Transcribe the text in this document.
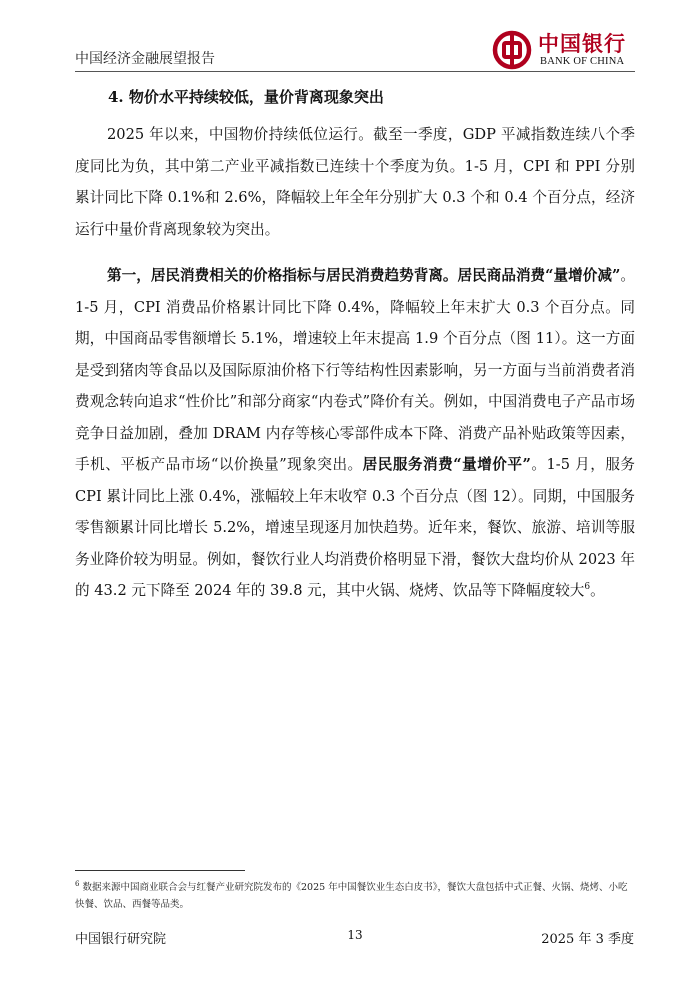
中国经济金融展望报告
中国银行
BANK OF CHINA
4. 物价水平持续较低，量价背离现象突出

2025 年以来，中国物价持续低位运行。截至一季度，GDP 平减指数连续八个季度同比为负，其中第二产业平减指数已连续十个季度为负。1-5 月，CPI 和 PPI 分别累计同比下降 0.1%和 2.6%，降幅较上年全年分别扩大 0.3 个和 0.4 个百分点，经济运行中量价背离现象较为突出。

第一，居民消费相关的价格指标与居民消费趋势背离。居民商品消费“量增价减”。1-5 月，CPI 消费品价格累计同比下降 0.4%，降幅较上年末扩大 0.3 个百分点。同期，中国商品零售额增长 5.1%，增速较上年末提高 1.9 个百分点（图 11）。这一方面是受到猪肉等食品以及国际原油价格下行等结构性因素影响，另一方面与当前消费者消费观念转向追求“性价比”和部分商家“内卷式”降价有关。例如，中国消费电子产品市场竞争日益加剧，叠加 DRAM 内存等核心零部件成本下降、消费产品补贴政策等因素，手机、平板产品市场“以价换量”现象突出。居民服务消费“量增价平”。1-5 月，服务 CPI 累计同比上涨 0.4%，涨幅较上年末收窄 0.3 个百分点（图 12）。同期，中国服务零售额累计同比增长 5.2%，增速呈现逐月加快趋势。近年来，餐饮、旅游、培训等服务业降价较为明显。例如，餐饮行业人均消费价格明显下滑，餐饮大盘均价从 2023 年的 43.2 元下降至 2024 年的 39.8 元，其中火锅、烧烤、饮品等下降幅度较大$^6$。

$^6$ 数据来源中国商业联合会与红餐产业研究院发布的《2025 年中国餐饮业生态白皮书》，餐饮大盘包括中式正餐、火锅、烧烤、小吃快餐、饮品、西餐等品类。

中国银行研究院	13	2025 年 3 季度
